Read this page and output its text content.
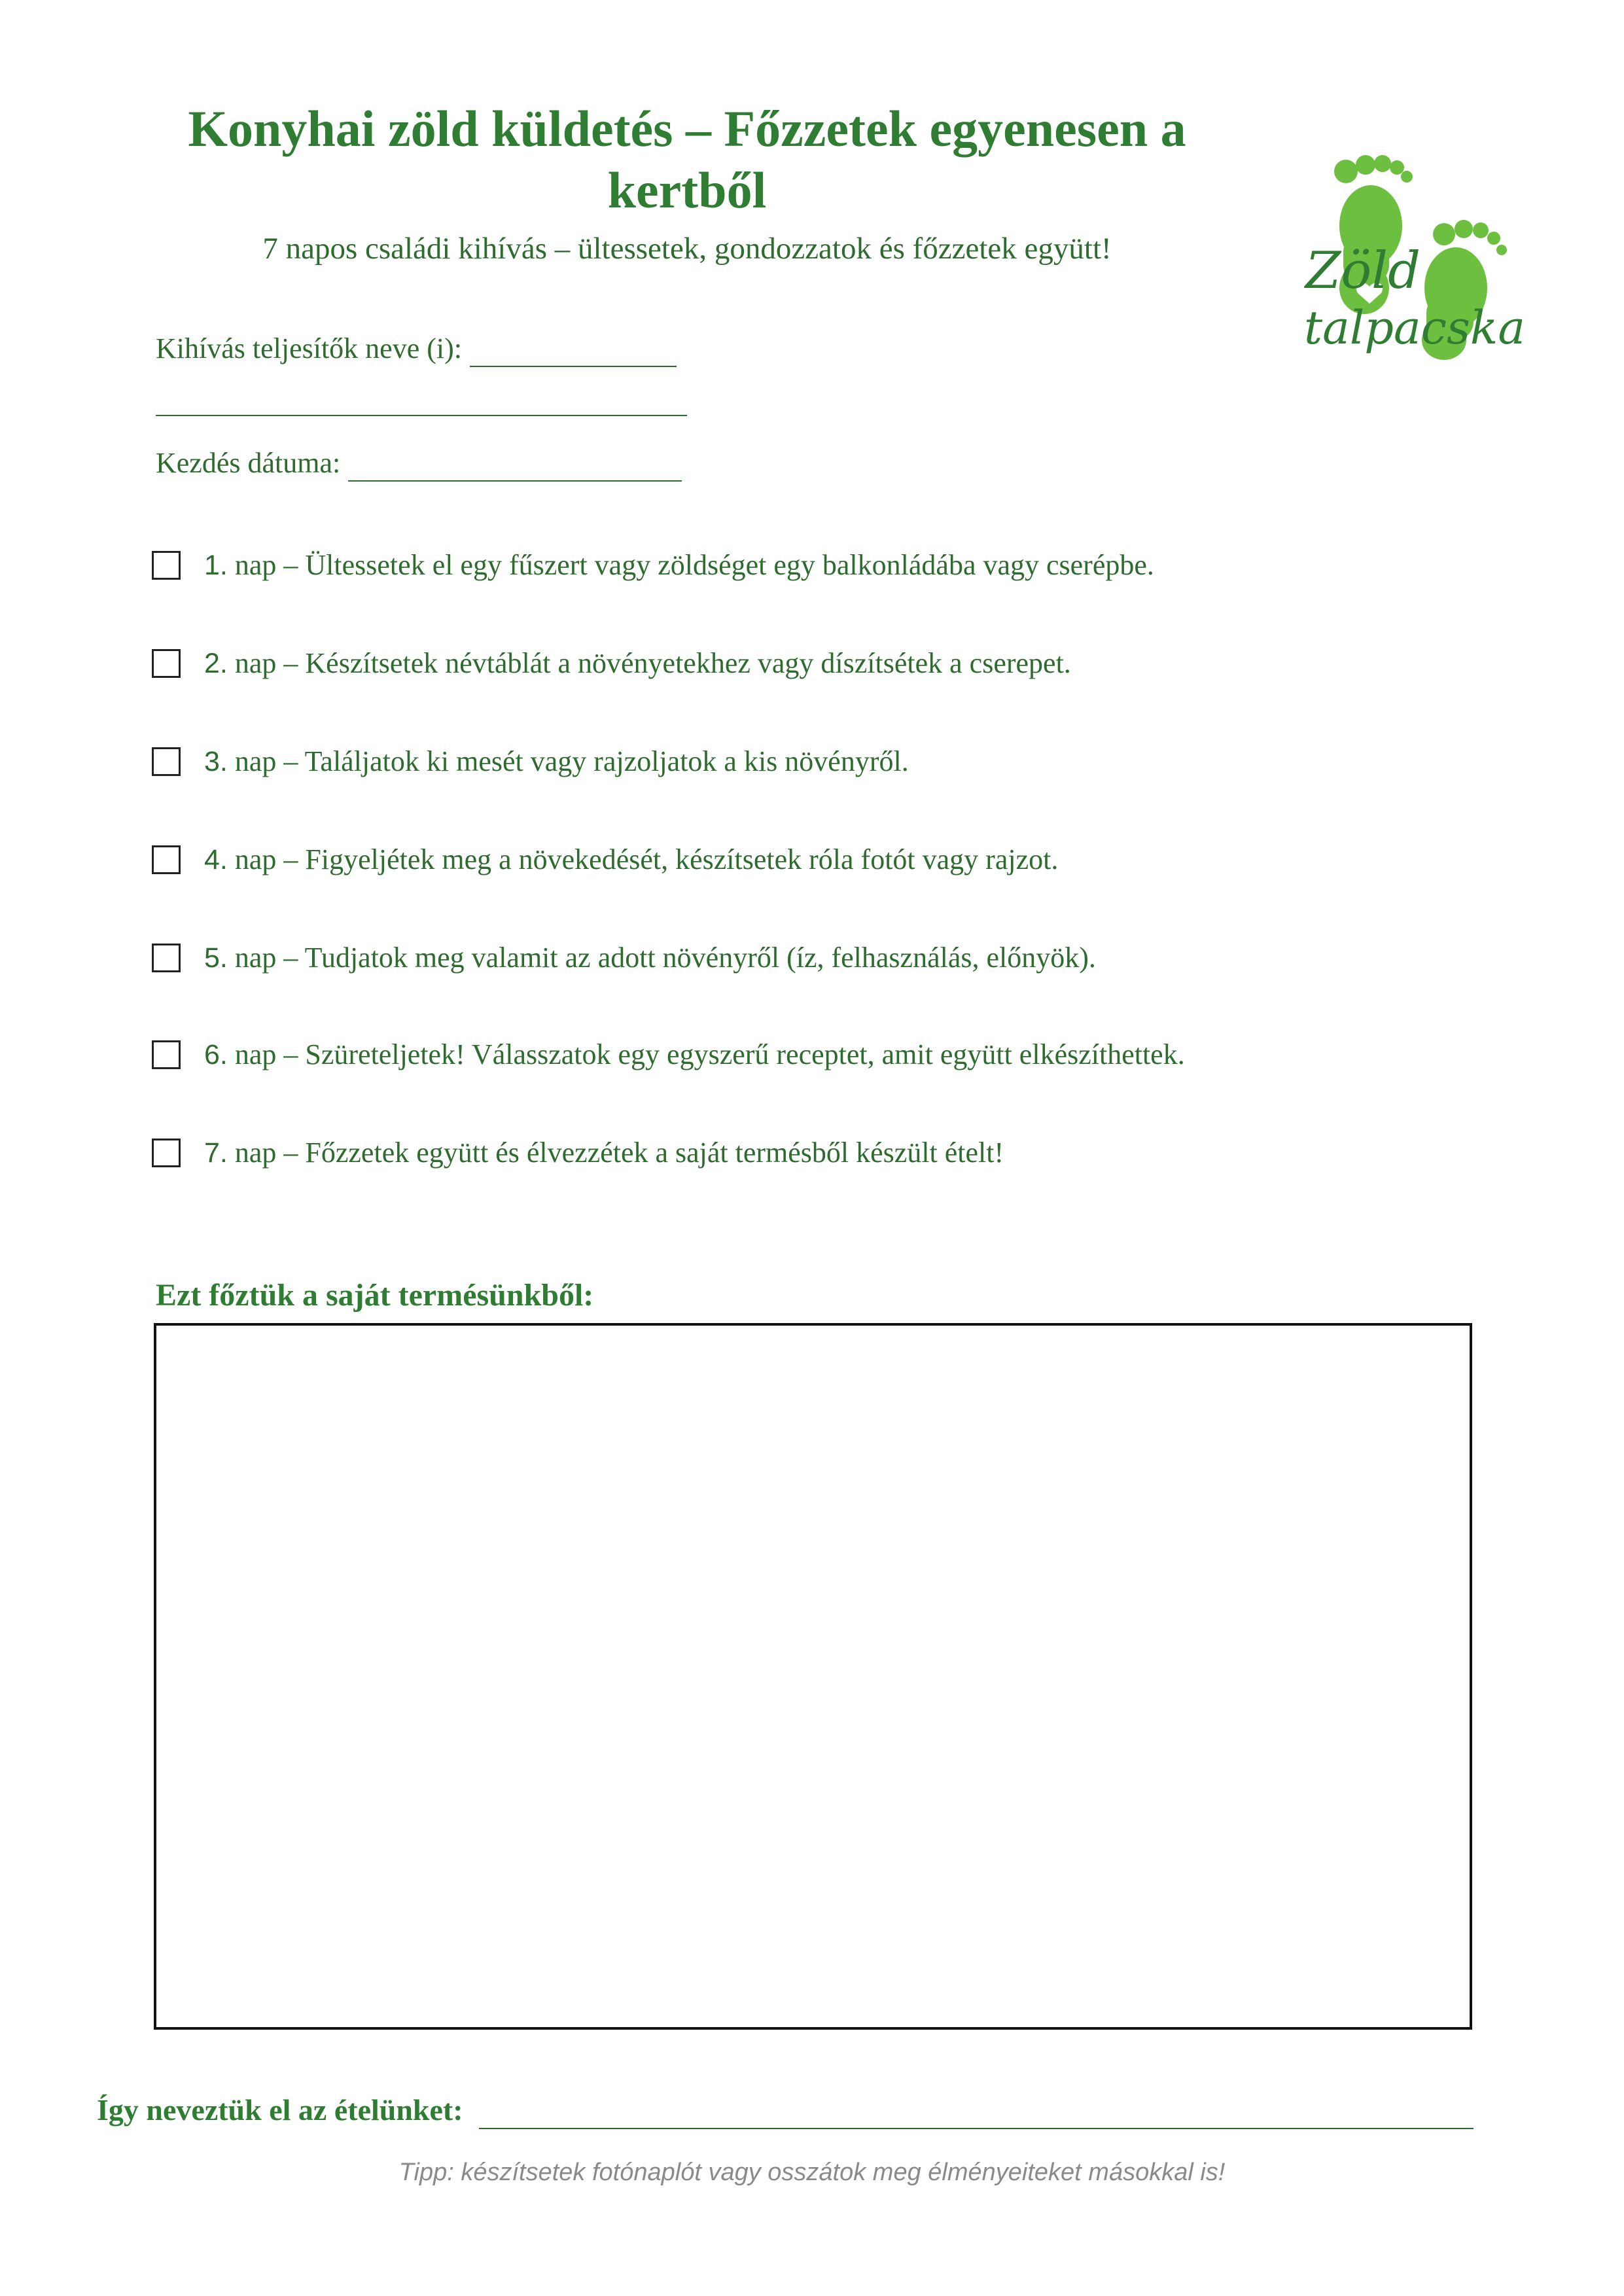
Konyhai zöld küldetés – Főzzetek egyenesen a kertből
7 napos családi kihívás – ültessetek, gondozzatok és főzzetek együtt!	Zöld
talpacska
Kihívás teljesítők neve (i):
Kezdés dátuma:
1. nap – Ültessetek el egy fűszert vagy zöldséget egy balkonládába vagy cserépbe.
2. nap – Készítsetek névtáblát a növényetekhez vagy díszítsétek a cserepet.
3. nap – Találjatok ki mesét vagy rajzoljatok a kis növényről.
4. nap – Figyeljétek meg a növekedését, készítsetek róla fotót vagy rajzot.
5. nap – Tudjatok meg valamit az adott növényről (íz, felhasználás, előnyök).
6. nap – Szüreteljetek! Válasszatok egy egyszerű receptet, amit együtt elkészíthettek.
7. nap – Főzzetek együtt és élvezzétek a saját termésből készült ételt!
Ezt főztük a saját termésünkből:
Így neveztük el az ételünket:
Tipp: készítsetek fotónaplót vagy osszátok meg élményeiteket másokkal is!
